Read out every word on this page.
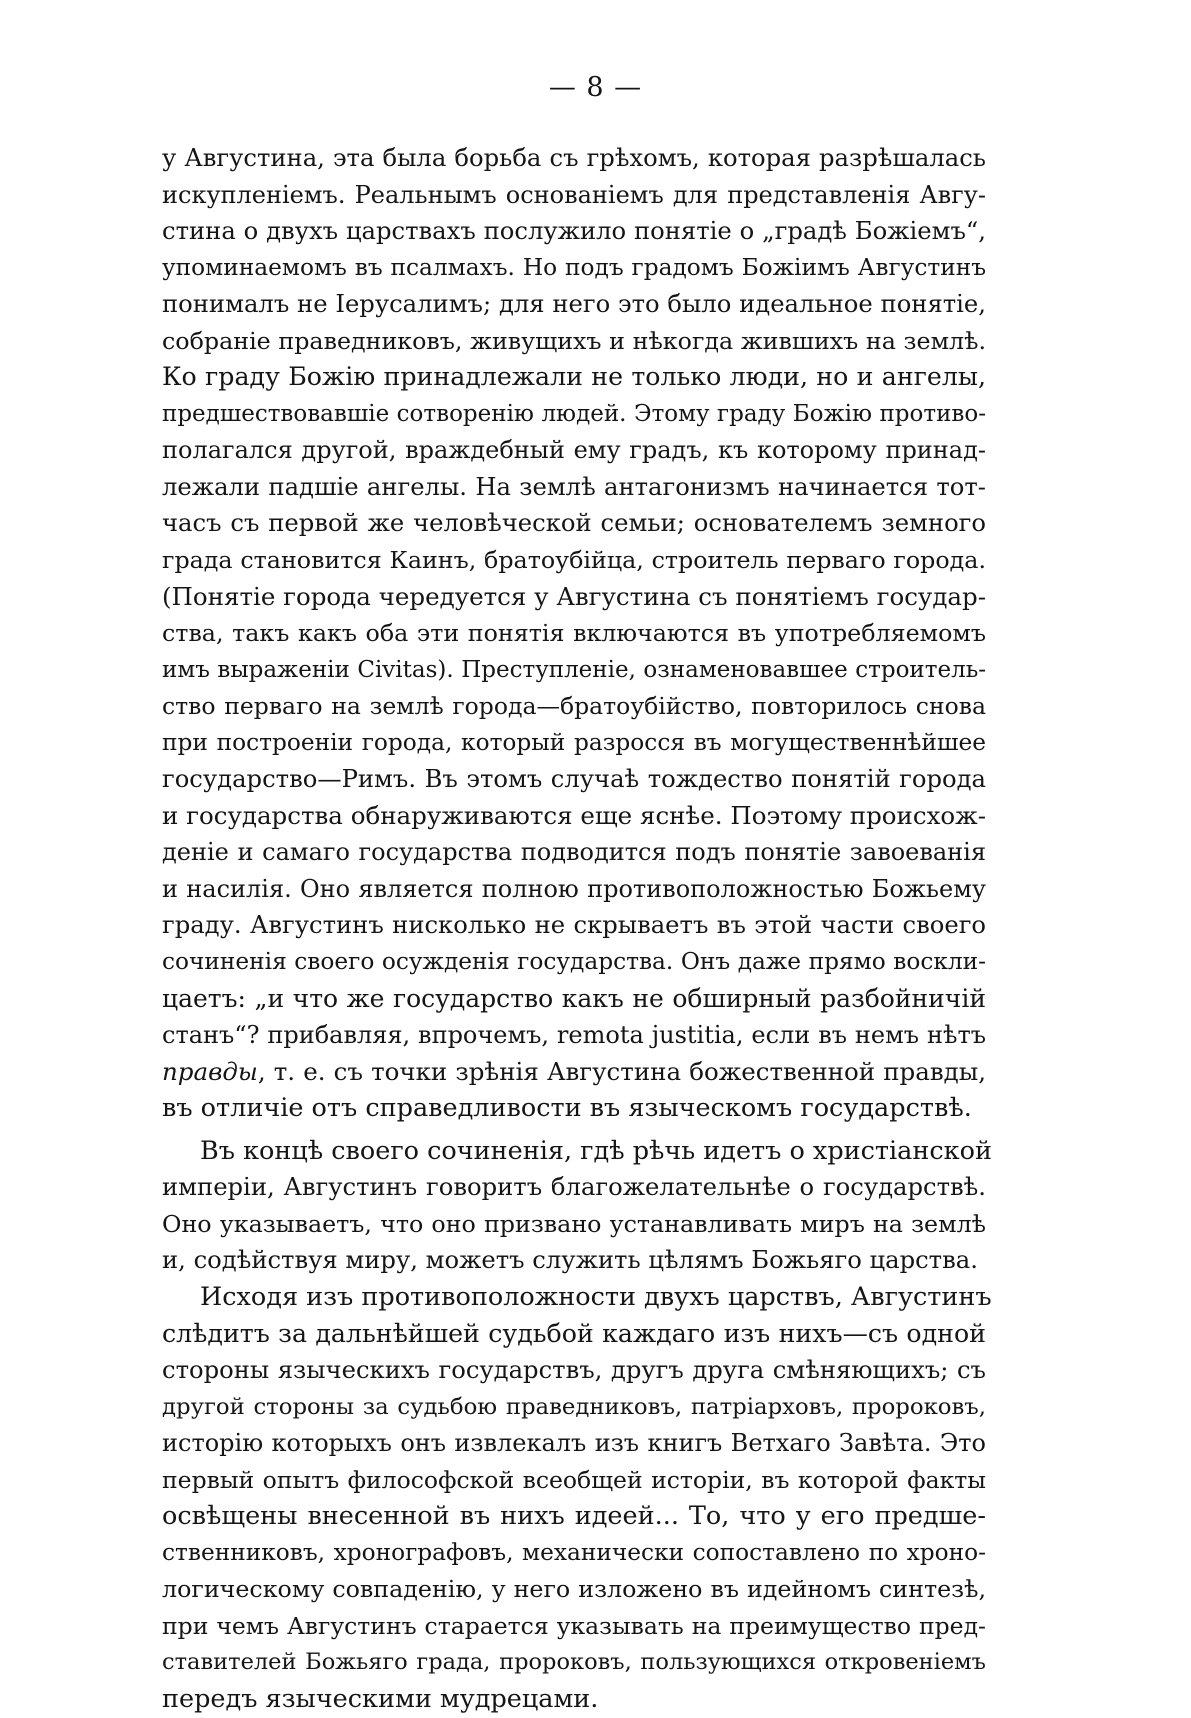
— 8 —
у Августина, эта была борьба съ грѣхомъ, которая разрѣшалась
искупленіемъ. Реальнымъ основаніемъ для представленія Авгу-
стина о двухъ царствахъ послужило понятіе о „градѣ Божіемъ“,
упоминаемомъ въ псалмахъ. Но подъ градомъ Божіимъ Августинъ
понималъ не Іерусалимъ; для него это было идеальное понятіе,
собраніе праведниковъ, живущихъ и нѣкогда жившихъ на землѣ.
Ко граду Божію принадлежали не только люди, но и ангелы,
предшествовавшіе сотворенію людей. Этому граду Божію противо-
полагался другой, враждебный ему градъ, къ которому принад-
лежали падшіе ангелы. На землѣ антагонизмъ начинается тот-
часъ съ первой же человѣческой семьи; основателемъ земного
града становится Каинъ, братоубійца, строитель перваго города.
(Понятіе города чередуется у Августина съ понятіемъ государ-
ства, такъ какъ оба эти понятія включаются въ употребляемомъ
имъ выраженіи Civitas). Преступленіе, ознаменовавшее строитель-
ство перваго на землѣ города—братоубійство, повторилось снова
при построеніи города, который разросся въ могущественнѣйшее
государство—Римъ. Въ этомъ случаѣ тождество понятій города
и государства обнаруживаются еще яснѣе. Поэтому происхож-
деніе и самаго государства подводится подъ понятіе завоеванія
и насилія. Оно является полною противоположностью Божьему
граду. Августинъ нисколько не скрываетъ въ этой части своего
сочиненія своего осужденія государства. Онъ даже прямо воскли-
цаетъ: „и что же государство какъ не обширный разбойничій
станъ“? прибавляя, впрочемъ, remota justitia, если въ немъ нѣтъ
правды, т. е. съ точки зрѣнія Августина божественной правды,
въ отличіе отъ справедливости въ языческомъ государствѣ.
Въ концѣ своего сочиненія, гдѣ рѣчь идетъ о христіанской
имперіи, Августинъ говоритъ благожелательнѣе о государствѣ.
Оно указываетъ, что оно призвано устанавливать миръ на землѣ
и, содѣйствуя миру, можетъ служить цѣлямъ Божьяго царства.
Исходя изъ противоположности двухъ царствъ, Августинъ
слѣдитъ за дальнѣйшей судьбой каждаго изъ нихъ—съ одной
стороны языческихъ государствъ, другъ друга смѣняющихъ; съ
другой стороны за судьбою праведниковъ, патріарховъ, пророковъ,
исторію которыхъ онъ извлекалъ изъ книгъ Ветхаго Завѣта. Это
первый опытъ философской всеобщей исторіи, въ которой факты
освѣщены внесенной въ нихъ идеей... То, что у его предше-
ственниковъ, хронографовъ, механически сопоставлено по хроно-
логическому совпаденію, у него изложено въ идейномъ синтезѣ,
при чемъ Августинъ старается указывать на преимущество пред-
ставителей Божьяго града, пророковъ, пользующихся откровеніемъ
передъ языческими мудрецами.
